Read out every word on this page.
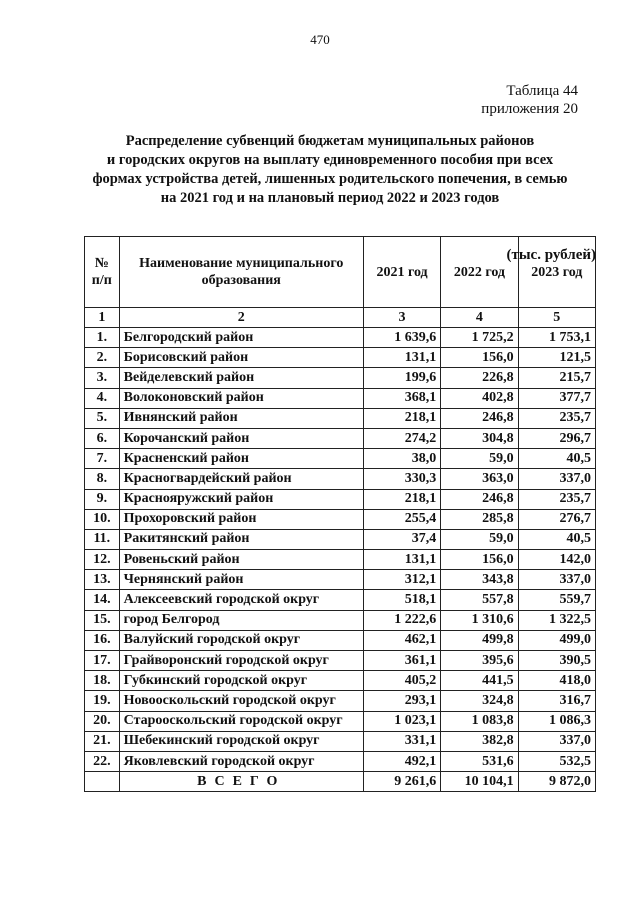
470
Таблица 44
приложения 20
Распределение субвенций бюджетам муниципальных районов
и городских округов на выплату единовременного пособия при всех
формах устройства детей, лишенных родительского попечения, в семью
на 2021 год и на плановый период 2022 и 2023 годов
№
п/п	Наименование муниципального образования	2021 год	2022 год	2023 год
1	2	3	4	5
1.	Белгородский район	1 639,6	1 725,2	1 753,1
2.	Борисовский район	131,1	156,0	121,5
3.	Вейделевский район	199,6	226,8	215,7
4.	Волоконовский район	368,1	402,8	377,7
5.	Ивнянский район	218,1	246,8	235,7
6.	Корочанский район	274,2	304,8	296,7
7.	Красненский район	38,0	59,0	40,5
8.	Красногвардейский район	330,3	363,0	337,0
9.	Краснояружский район	218,1	246,8	235,7
10.	Прохоровский район	255,4	285,8	276,7
11.	Ракитянский район	37,4	59,0	40,5
12.	Ровеньский район	131,1	156,0	142,0
13.	Чернянский район	312,1	343,8	337,0
14.	Алексеевский городской округ	518,1	557,8	559,7
15.	город Белгород	1 222,6	1 310,6	1 322,5
16.	Валуйский городской округ	462,1	499,8	499,0
17.	Грайворонский городской округ	361,1	395,6	390,5
18.	Губкинский городской округ	405,2	441,5	418,0
19.	Новооскольский городской округ	293,1	324,8	316,7
20.	Старооскольский городской округ	1 023,1	1 083,8	1 086,3
21.	Шебекинский городской округ	331,1	382,8	337,0
22.	Яковлевский городской округ	492,1	531,6	532,5
	ВСЕГО	9 261,6	10 104,1	9 872,0
(тыс. рублей)
